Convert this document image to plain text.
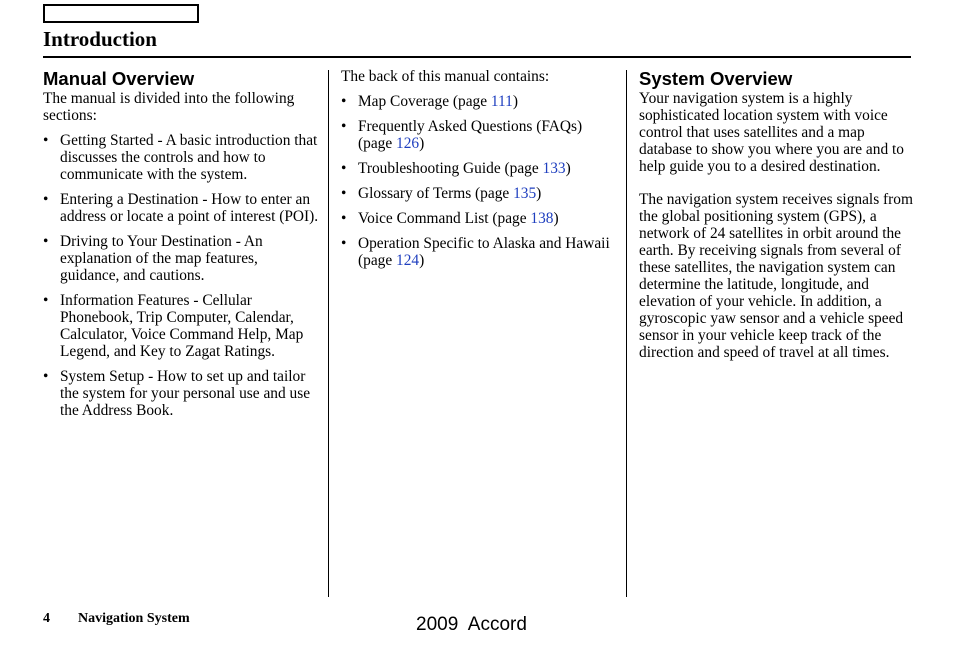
Introduction
Manual Overview

The manual is divided into the following sections:

• Getting Started - A basic introduction that discusses the controls and how to communicate with the system.
• Entering a Destination - How to enter an address or locate a point of interest (POI).
• Driving to Your Destination - An explanation of the map features, guidance, and cautions.
• Information Features - Cellular Phonebook, Trip Computer, Calendar, Calculator, Voice Command Help, Map Legend, and Key to Zagat Ratings.
• System Setup - How to set up and tailor the system for your personal use and use the Address Book.

The back of this manual contains:

• Map Coverage (page 111)
• Frequently Asked Questions (FAQs) (page 126)
• Troubleshooting Guide (page 133)
• Glossary of Terms (page 135)
• Voice Command List (page 138)
• Operation Specific to Alaska and Hawaii (page 124)
System Overview

Your navigation system is a highly sophisticated location system with voice control that uses satellites and a map database to show you where you are and to help guide you to a desired destination.

The navigation system receives signals from the global positioning system (GPS), a network of 24 satellites in orbit around the earth. By receiving signals from several of these satellites, the navigation system can determine the latitude, longitude, and elevation of your vehicle. In addition, a gyroscopic yaw sensor and a vehicle speed sensor in your vehicle keep track of the direction and speed of travel at all times.

4 Navigation System	2009  Accord
